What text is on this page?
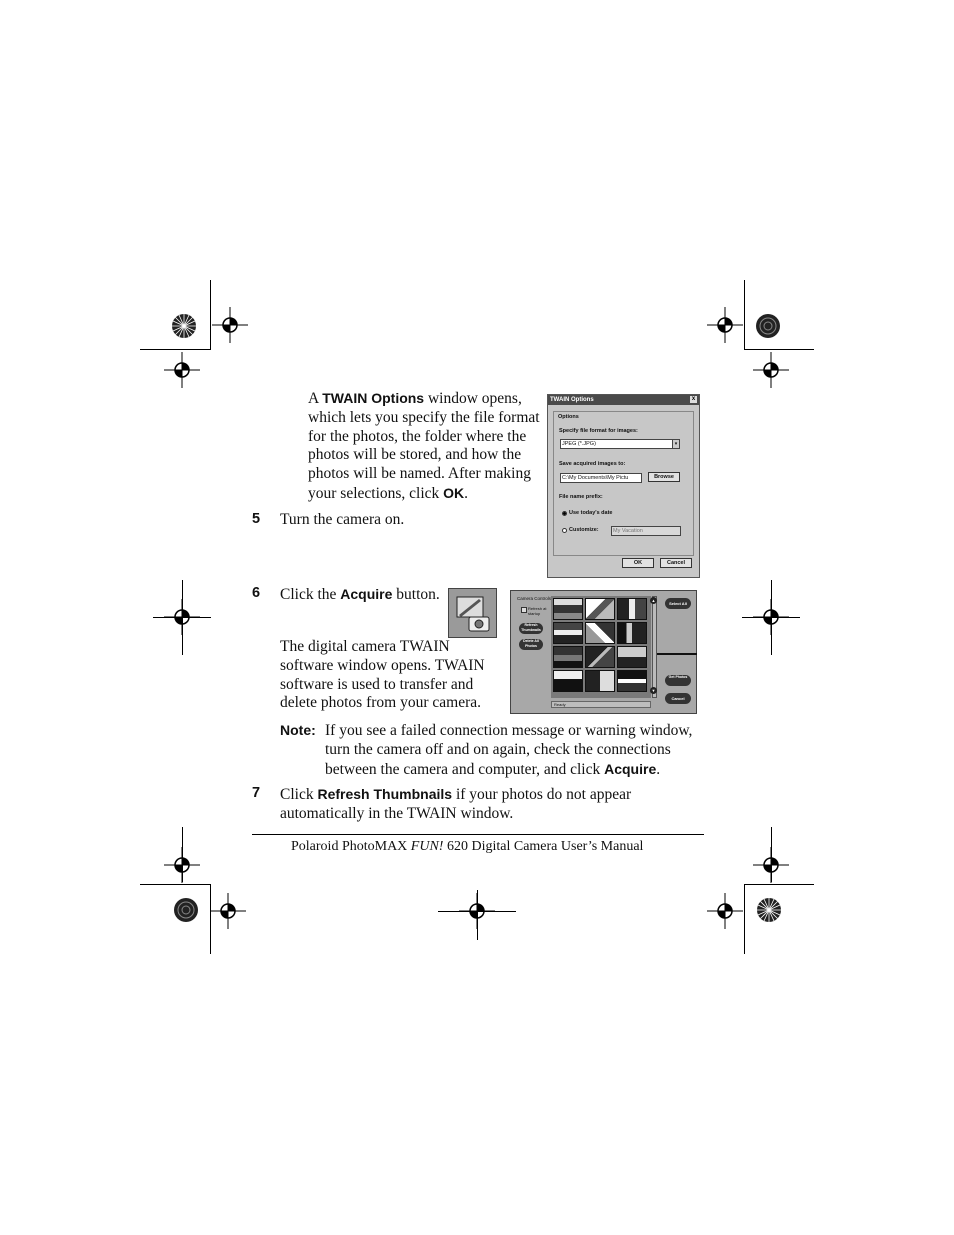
A TWAIN Options window opens,
which lets you specify the file format
for the photos, the folder where the
photos will be stored, and how the
photos will be named. After making
your selections, click OK.
TWAIN Options	x
Options
Specify file format for images:
JPEG (*.JPG)	▾
Save acquired images to:
C:\My Documents\My Pictu	Browse
File name prefix:
Use today's date
Customize:	My Vacation
OK	Cancel
5 Turn the camera on.
6 Click the Acquire button.
The digital camera TWAIN
software window opens. TWAIN
software is used to transfer and
delete photos from your camera.
Camera Controls
Refresh at startup
Refresh Thumbnails
Delete All Photos
▲
▼
Select All
Get Photos
Cancel
Ready
Note: If you see a failed connection message or warning window,
turn the camera off and on again, check the connections
between the camera and computer, and click Acquire.
7 Click Refresh Thumbnails if your photos do not appear
automatically in the TWAIN window.
Polaroid PhotoMAX FUN! 620 Digital Camera User’s Manual
